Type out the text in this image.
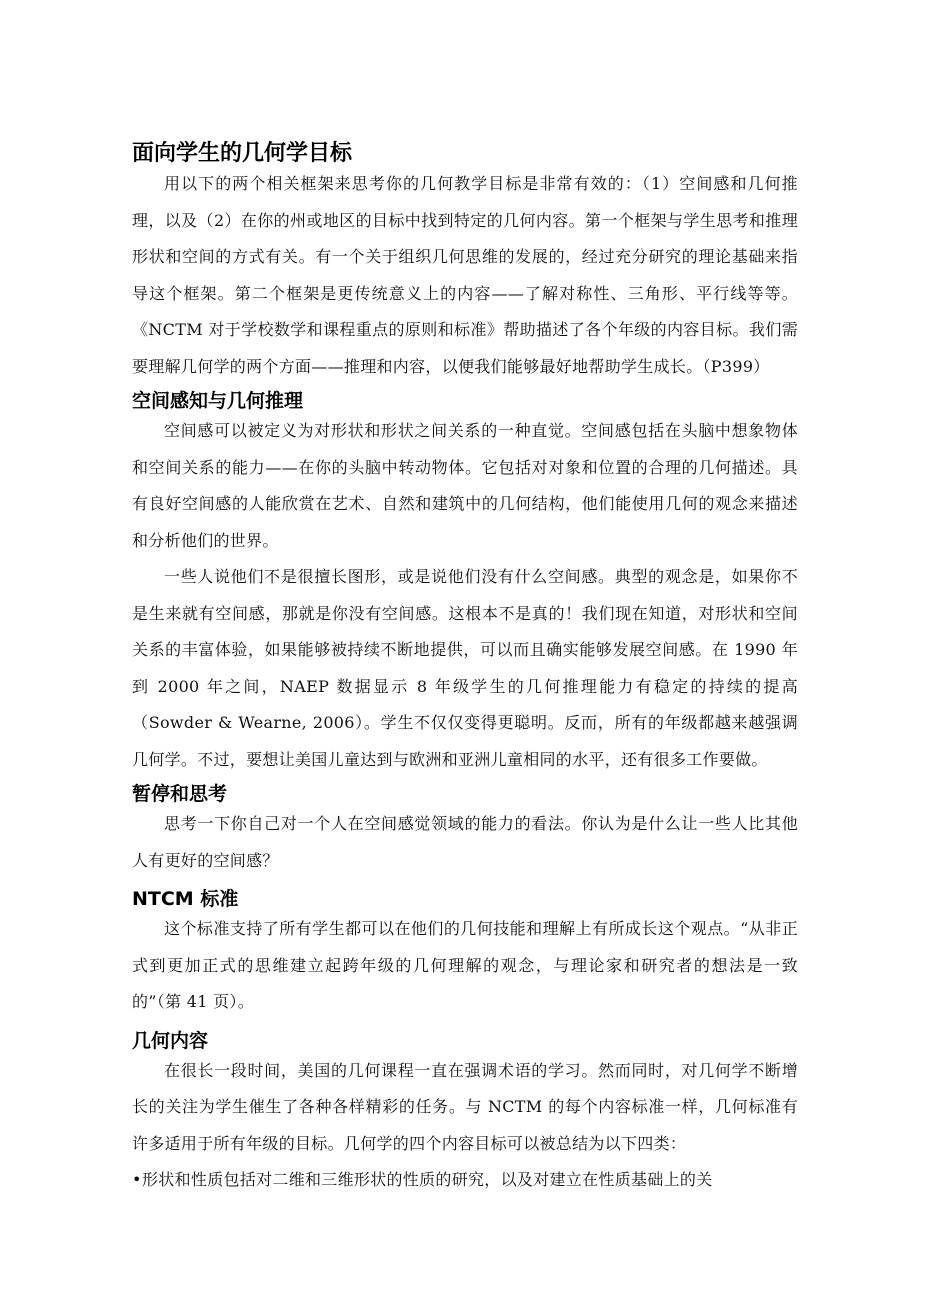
面向学生的几何学目标

用以下的两个相关框架来思考你的几何教学目标是非常有效的：（1）空间感和几何推理，以及（2）在你的州或地区的目标中找到特定的几何内容。第一个框架与学生思考和推理形状和空间的方式有关。有一个关于组织几何思维的发展的，经过充分研究的理论基础来指导这个框架。第二个框架是更传统意义上的内容——了解对称性、三角形、平行线等等。《NCTM 对于学校数学和课程重点的原则和标准》帮助描述了各个年级的内容目标。我们需要理解几何学的两个方面——推理和内容，以便我们能够最好地帮助学生成长。（P399）

空间感知与几何推理

空间感可以被定义为对形状和形状之间关系的一种直觉。空间感包括在头脑中想象物体和空间关系的能力——在你的头脑中转动物体。它包括对对象和位置的合理的几何描述。具有良好空间感的人能欣赏在艺术、自然和建筑中的几何结构，他们能使用几何的观念来描述和分析他们的世界。

一些人说他们不是很擅长图形，或是说他们没有什么空间感。典型的观念是，如果你不是生来就有空间感，那就是你没有空间感。这根本不是真的！我们现在知道，对形状和空间关系的丰富体验，如果能够被持续不断地提供，可以而且确实能够发展空间感。在 1990 年到 2000 年之间，NAEP 数据显示 8 年级学生的几何推理能力有稳定的持续的提高（Sowder & Wearne, 2006）。学生不仅仅变得更聪明。反而，所有的年级都越来越强调几何学。不过，要想让美国儿童达到与欧洲和亚洲儿童相同的水平，还有很多工作要做。

暂停和思考

思考一下你自己对一个人在空间感觉领域的能力的看法。你认为是什么让一些人比其他人有更好的空间感？

NTCM 标准

这个标准支持了所有学生都可以在他们的几何技能和理解上有所成长这个观点。“从非正式到更加正式的思维建立起跨年级的几何理解的观念，与理论家和研究者的想法是一致的”（第 41 页）。

几何内容

在很长一段时间，美国的几何课程一直在强调术语的学习。然而同时，对几何学不断增长的关注为学生催生了各种各样精彩的任务。与 NCTM 的每个内容标准一样，几何标准有许多适用于所有年级的目标。几何学的四个内容目标可以被总结为以下四类：

•形状和性质包括对二维和三维形状的性质的研究，以及对建立在性质基础上的关
